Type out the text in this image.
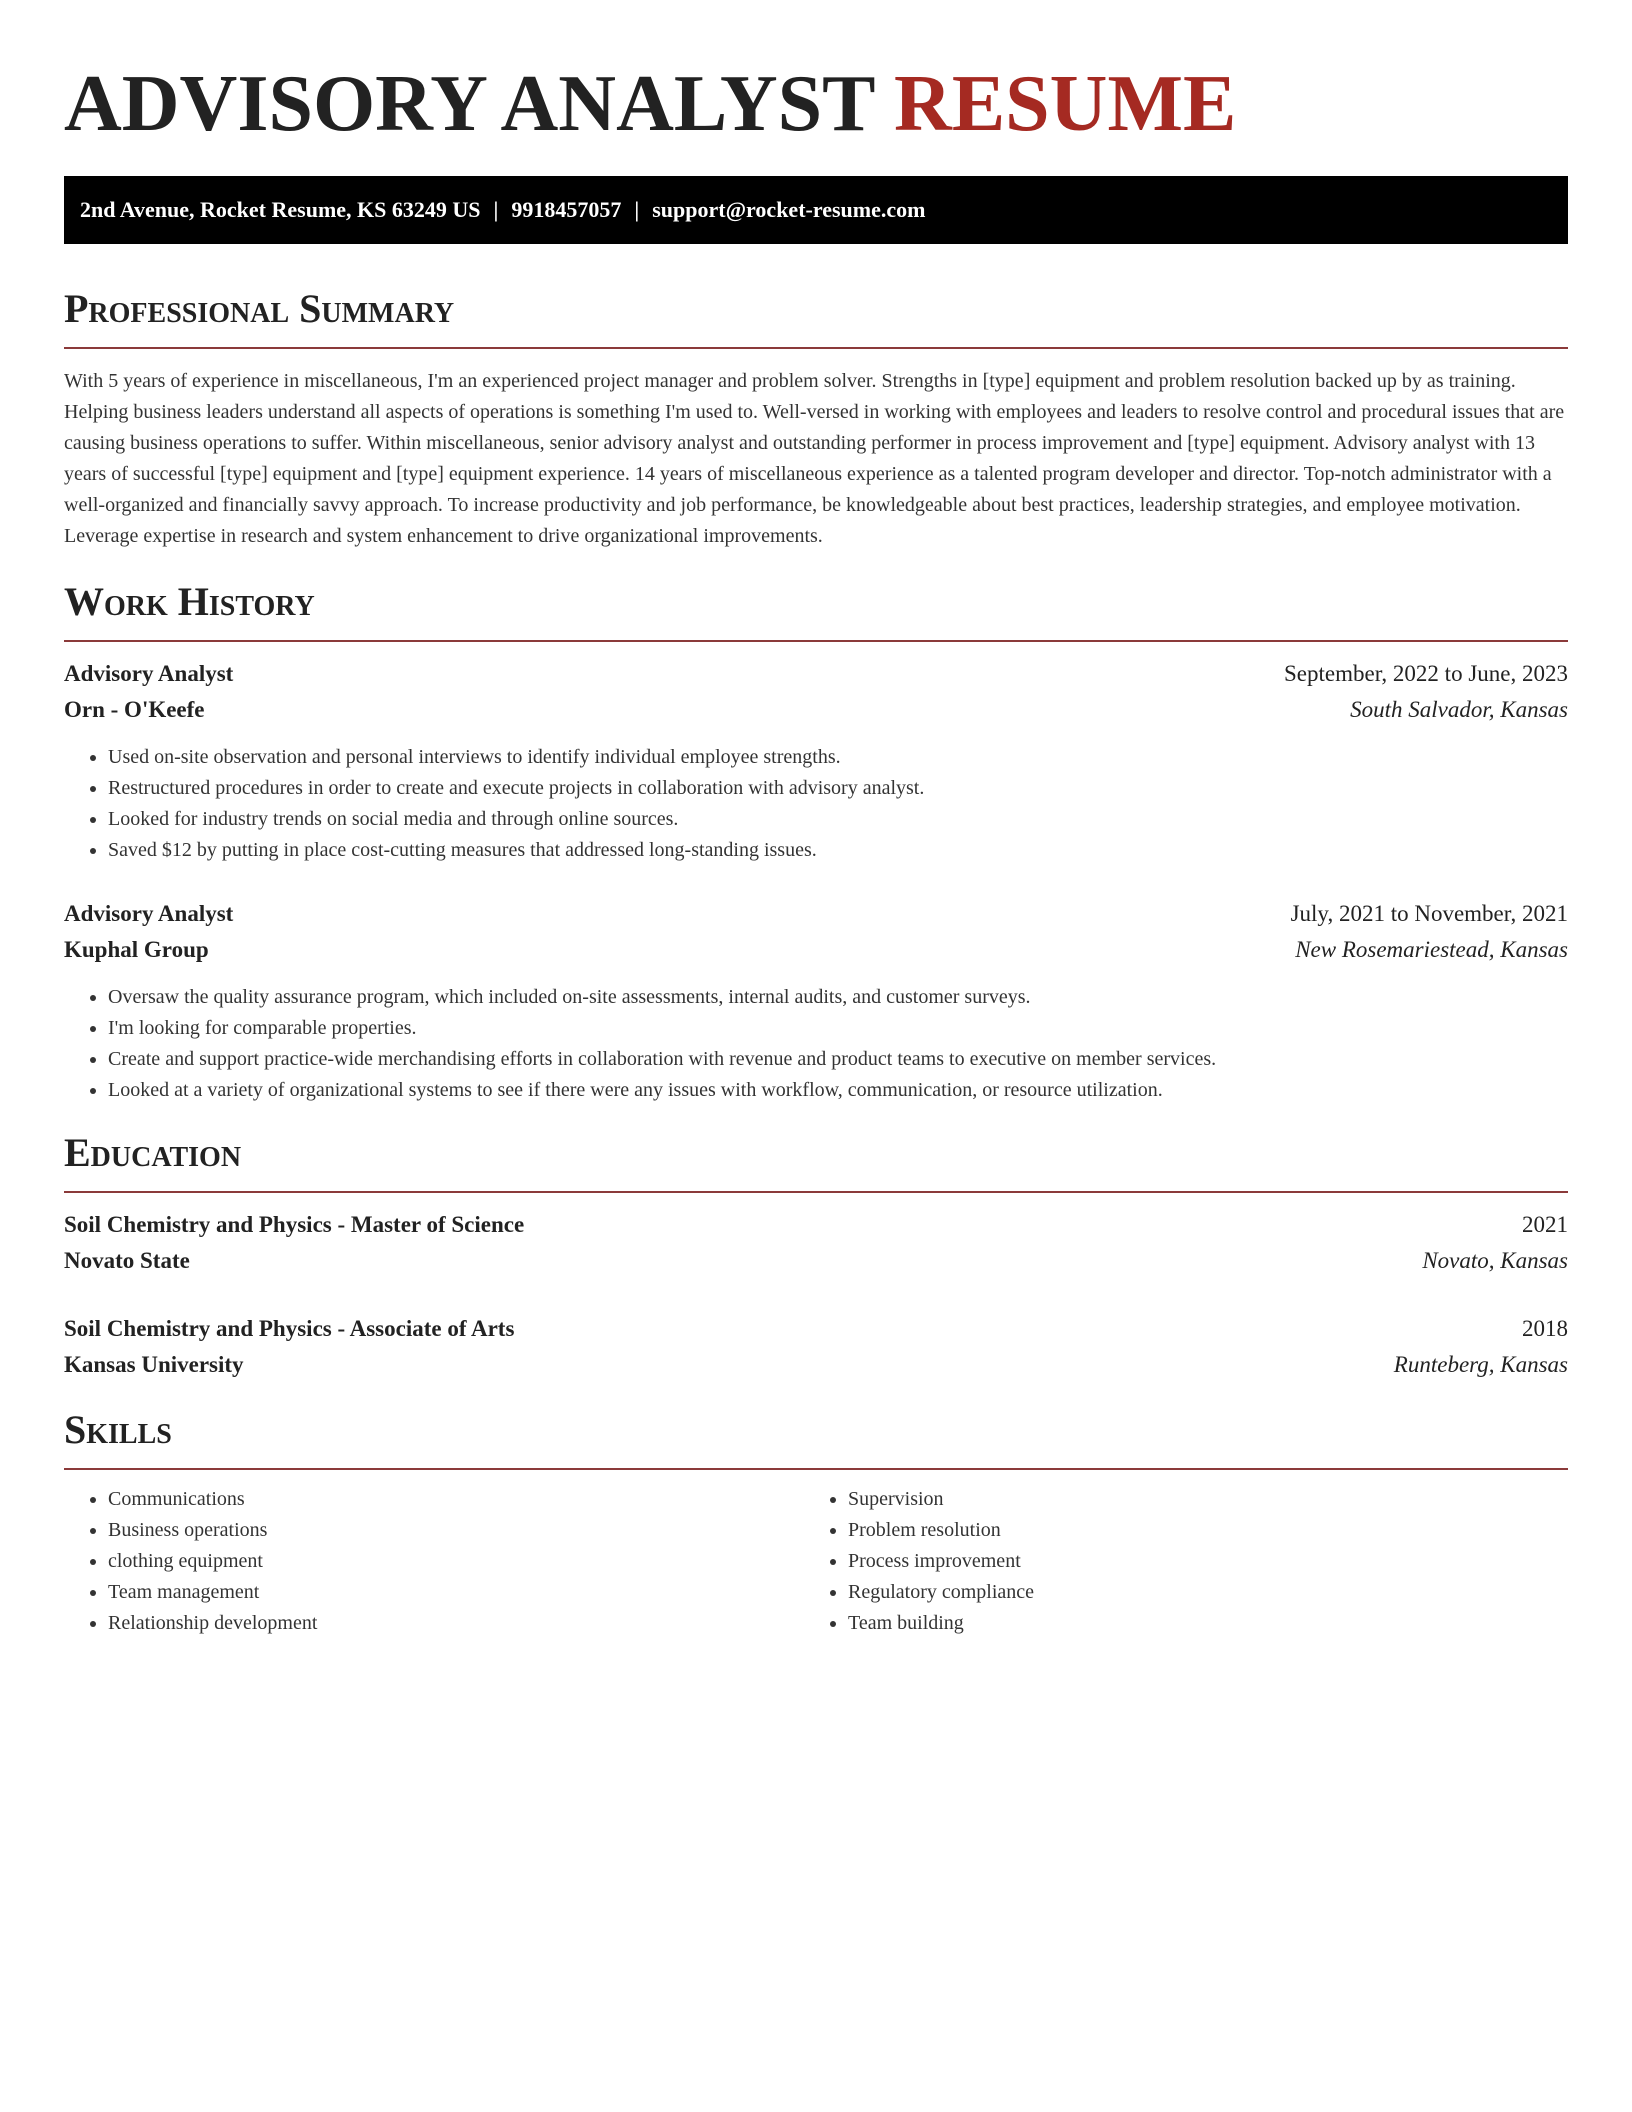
ADVISORY ANALYST RESUME
2nd Avenue, Rocket Resume, KS 63249 US | 9918457057 | support@rocket-resume.com
Professional Summary

With 5 years of experience in miscellaneous, I'm an experienced project manager and problem solver. Strengths in [type] equipment and problem resolution backed up by as training. Helping business leaders understand all aspects of operations is something I'm used to. Well-versed in working with employees and leaders to resolve control and procedural issues that are causing business operations to suffer. Within miscellaneous, senior advisory analyst and outstanding performer in process improvement and [type] equipment. Advisory analyst with 13 years of successful [type] equipment and [type] equipment experience. 14 years of miscellaneous experience as a talented program developer and director. Top-notch administrator with a well-organized and financially savvy approach. To increase productivity and job performance, be knowledgeable about best practices, leadership strategies, and employee motivation. Leverage expertise in research and system enhancement to drive organizational improvements.

Work History
Advisory Analyst	September, 2022 to June, 2023
Orn - O'Keefe	South Salvador, Kansas
• Used on-site observation and personal interviews to identify individual employee strengths.
• Restructured procedures in order to create and execute projects in collaboration with advisory analyst.
• Looked for industry trends on social media and through online sources.
• Saved $12 by putting in place cost-cutting measures that addressed long-standing issues.
Advisory Analyst	July, 2021 to November, 2021
Kuphal Group	New Rosemariestead, Kansas
• Oversaw the quality assurance program, which included on-site assessments, internal audits, and customer surveys.
• I'm looking for comparable properties.
• Create and support practice-wide merchandising efforts in collaboration with revenue and product teams to executive on member services.
• Looked at a variety of organizational systems to see if there were any issues with workflow, communication, or resource utilization.
Education
Soil Chemistry and Physics - Master of Science	2021
Novato State	Novato, Kansas
Soil Chemistry and Physics - Associate of Arts	2018
Kansas University	Runteberg, Kansas
Skills
• Communications
• Business operations
• clothing equipment
• Team management
• Relationship development
• Supervision
• Problem resolution
• Process improvement
• Regulatory compliance
• Team building
